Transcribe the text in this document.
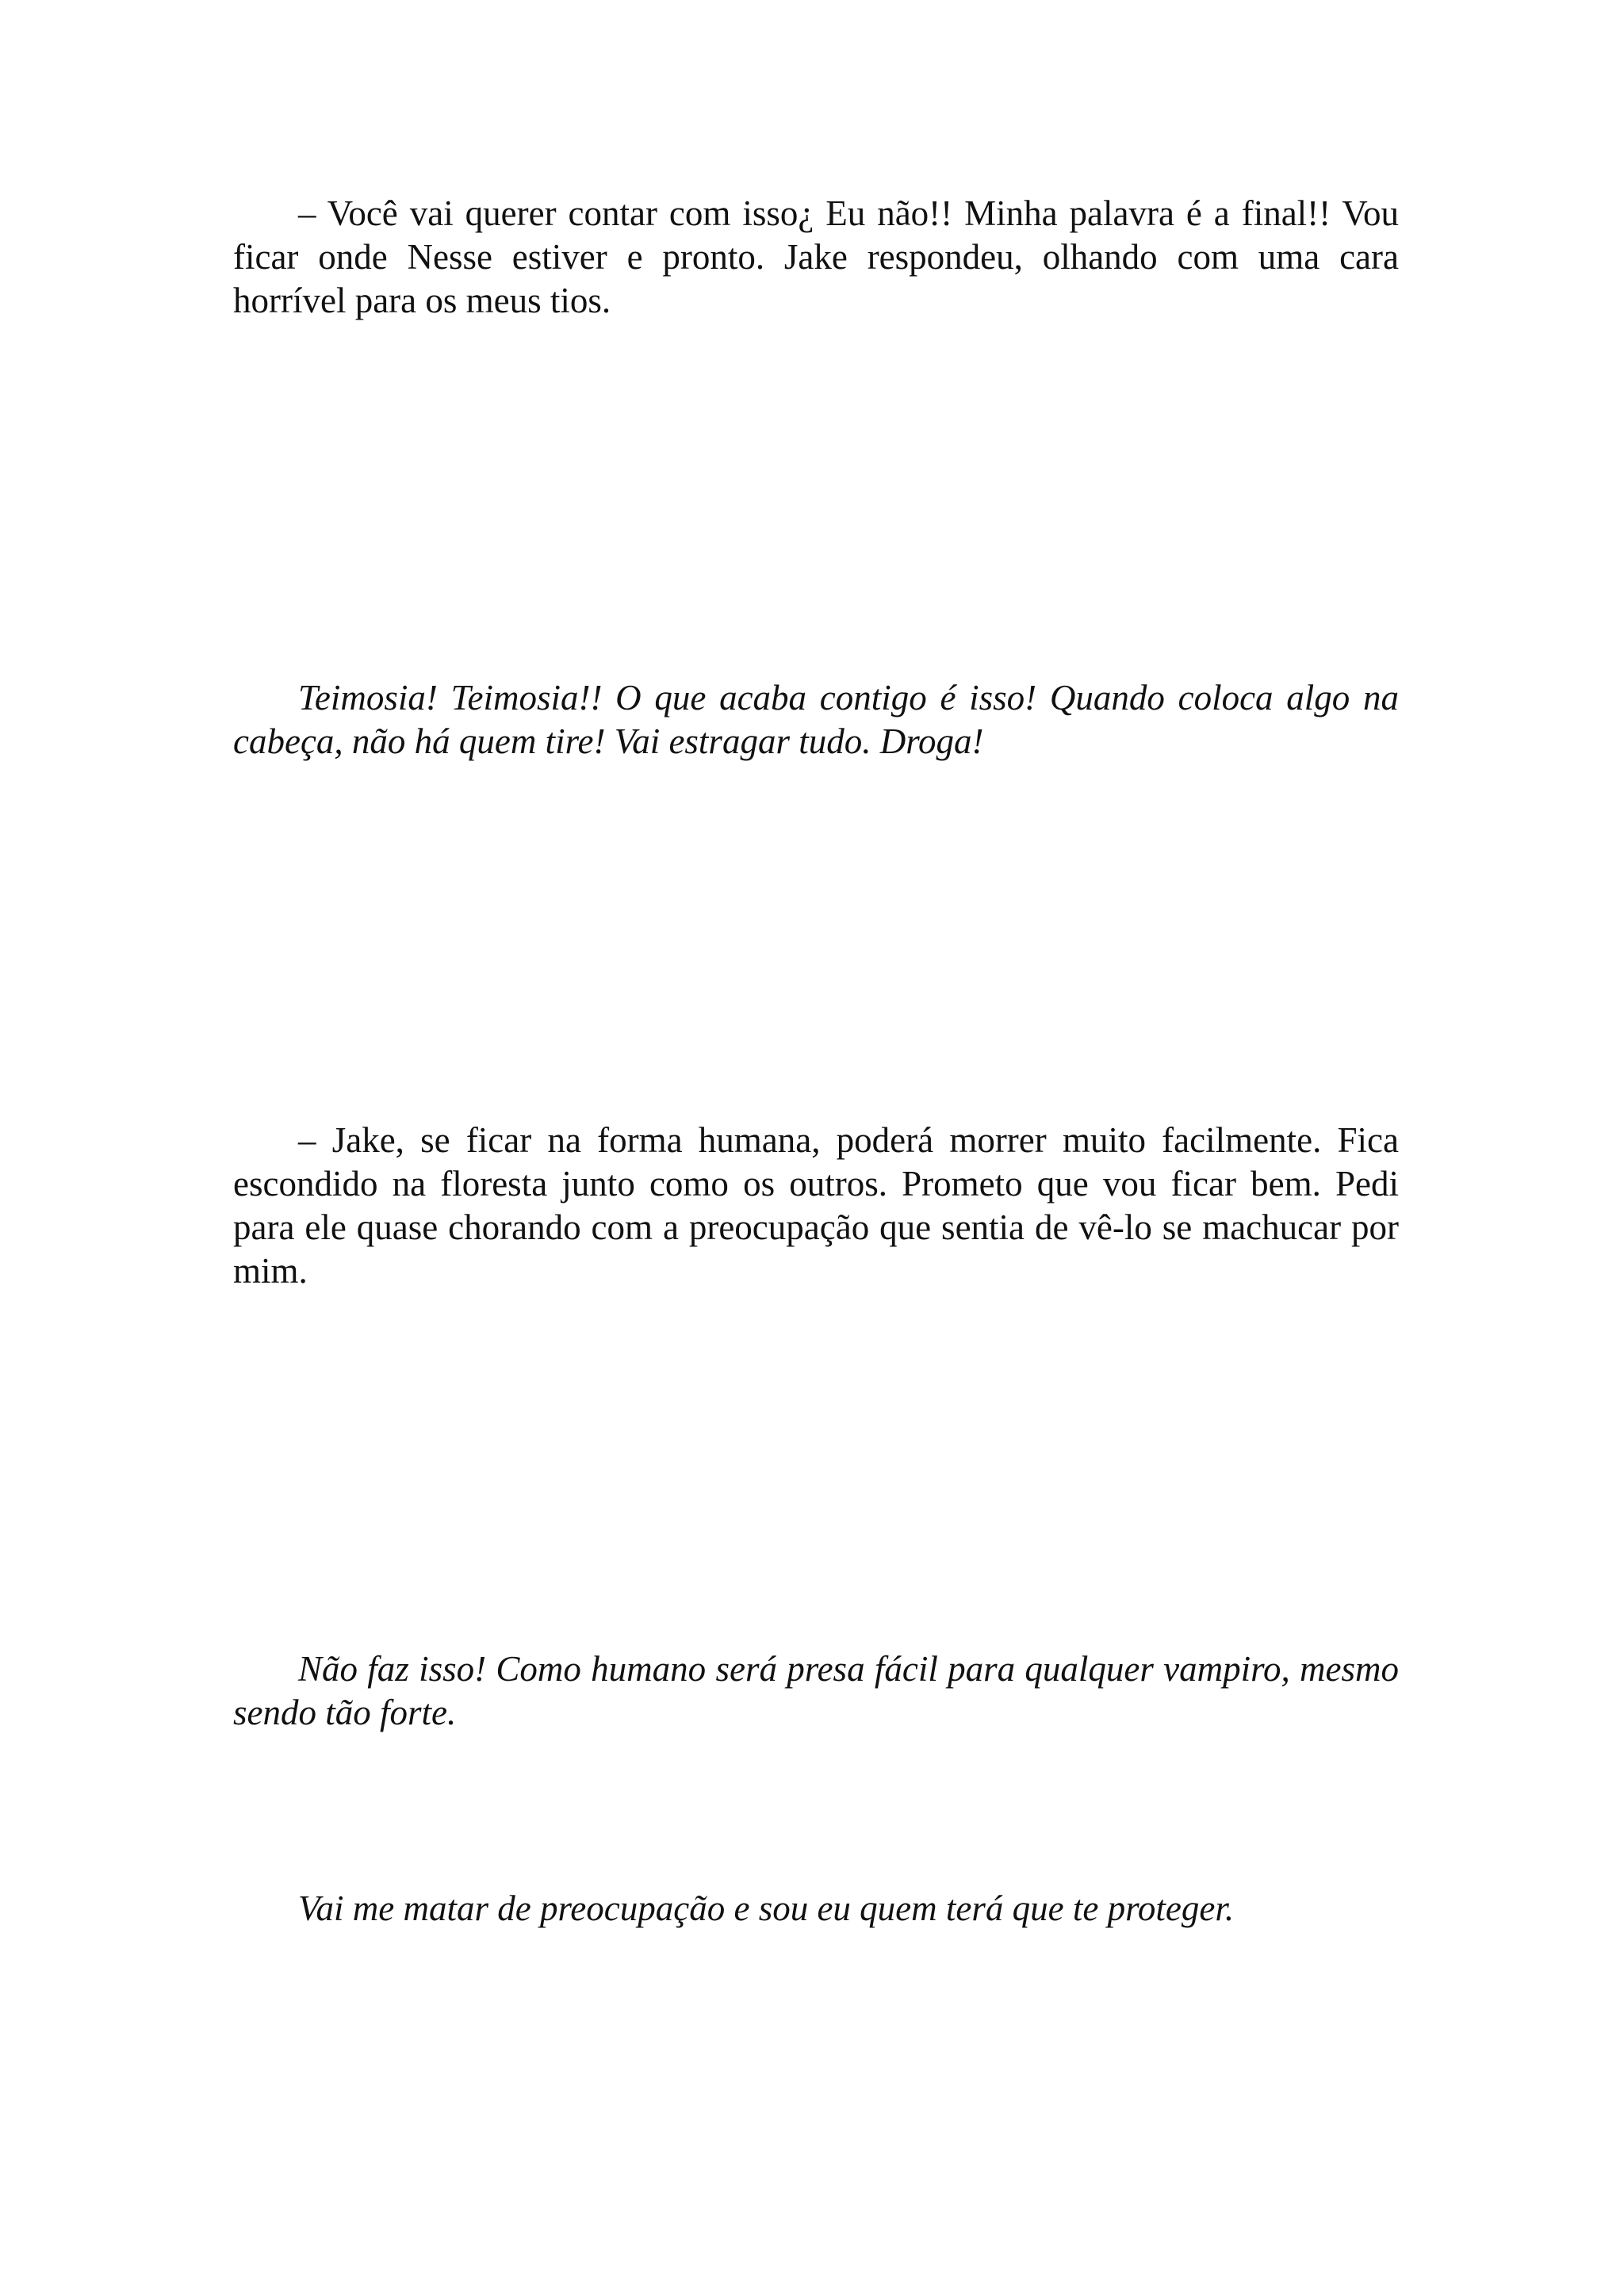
– Você vai querer contar com isso¿ Eu não!! Minha palavra é a final!! Vou ficar onde Nesse estiver e pronto. Jake respondeu, olhando com uma cara horrível para os meus tios.

Teimosia! Teimosia!! O que acaba contigo é isso! Quando coloca algo na cabeça, não há quem tire! Vai estragar tudo. Droga!

– Jake, se ficar na forma humana, poderá morrer muito facilmente. Fica escondido na floresta junto como os outros. Prometo que vou ficar bem. Pedi para ele quase chorando com a preocupação que sentia de vê-lo se machucar por mim.

Não faz isso! Como humano será presa fácil para qualquer vampiro, mesmo sendo tão forte.

Vai me matar de preocupação e sou eu quem terá que te proteger.
